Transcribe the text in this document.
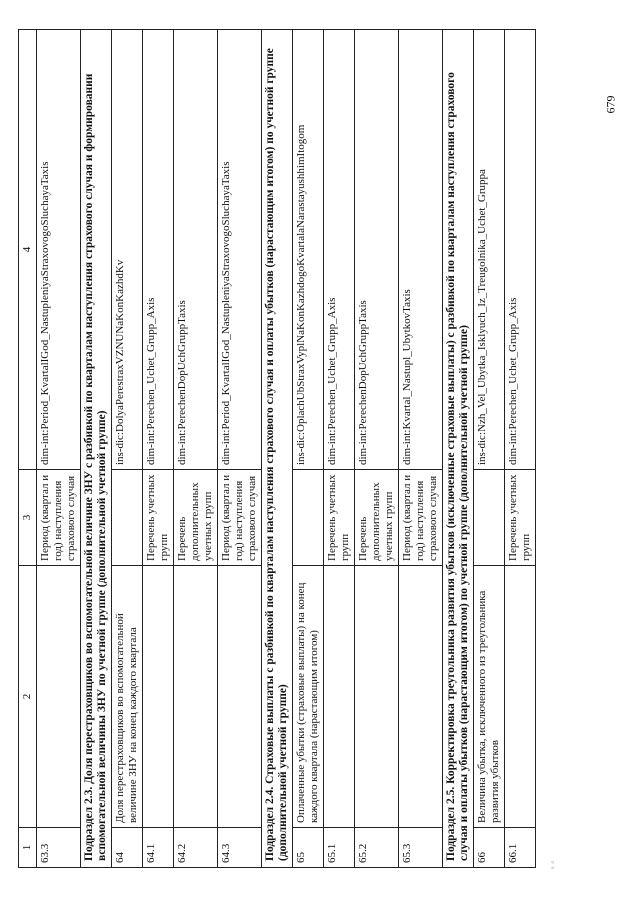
1	2	3	4
63.3		Период (квартал и год) наступления страхового случая	dim-int:Period_KvartalIGod_NastupleniyaStraxovogoSluchayaTaxis
Подраздел 2.3. Доля перестраховщиков во вспомогательной величине ЗНУ с разбивкой по кварталам наступления страхового случая и формировании вспомогательной величины ЗНУ по учетной группе (дополнительной учетной группе)			
64	Доля перестраховщиков во вспомогательной величине ЗНУ на конец каждого квартала		ins-dic:DolyaPerestraxVZNUNaKonKazhdKv
64.1		Перечень учетных групп	dim-int:Perechen_Uchet_Grupp_Axis
64.2		Перечень дополнительных учетных групп	dim-int:PerechenDopUchGruppTaxis
64.3		Период (квартал и год) наступления страхового случая	dim-int:Period_KvartalIGod_NastupleniyaStraxovogoSluchayaTaxis
Подраздел 2.4. Страховые выплаты с разбивкой по кварталам наступления страхового случая и оплаты убытков (нарастающим итогом) по учетной группе (дополнительной учетной группе)			
65	Оплаченные убытки (страховые выплаты) на конец каждого квартала (нарастающим итогом)		ins-dic:OplachUbStraxVyplNaKonKazhdogoKvartalaNarastayushhimItogom
65.1		Перечень учетных групп	dim-int:Perechen_Uchet_Grupp_Axis
65.2		Перечень дополнительных учетных групп	dim-int:PerechenDopUchGruppTaxis
65.3		Период (квартал и год) наступления страхового случая	dim-int:Kvartal_Nastupl_UbytkovTaxis
Подраздел 2.5. Корректировка треугольника развития убытков (исключенные страховые выплаты) с разбивкой по кварталам наступления страхового случая и оплаты убытков (нарастающим итогом) по учетной группе (дополнительной учетной группе)			
66	Величина убытка, исключенного из треугольника развития убытков		ins-dic:Nzh_Vel_Ubytka_Isklyuch_Iz_Treugolnika_Uchet_Gruppa
66.1		Перечень учетных групп	dim-int:Perechen_Uchet_Grupp_Axis
679
◦ ◦
